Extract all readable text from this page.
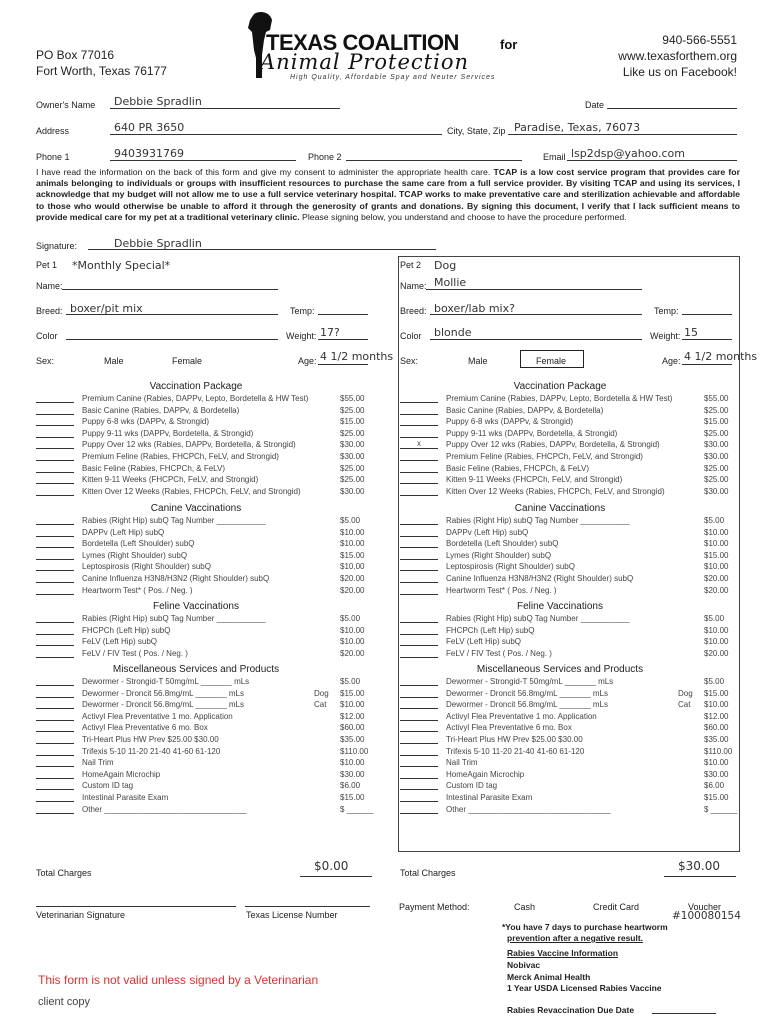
PO Box 77016
Fort Worth, Texas 76177
TEXAS COALITION	for
Animal Protection
High Quality, Affordable Spay and Neuter Services
940-566-5551
www.texasforthem.org
Like us on Facebook!
Owner's Name Debbie Spradlin	Date
Address	640 PR 3650	City, State, Zip Paradise, Texas, 76073
Phone 1	9403931769	Phone 2	Email lsp2dsp@yahoo.com
I have read the information on the back of this form and give my consent to administer the appropriate health care. TCAP is a low cost service program that provides care for animals belonging to individuals or groups with insufficient resources to purchase the same care from a full service provider. By visiting TCAP and using its services, I acknowledge that my budget will not allow me to use a full service veterinary hospital. TCAP works to make preventative care and sterilization achievable and affordable to those who would otherwise be unable to afford it through the generosity of grants and donations. By signing this document, I verify that I lack sufficient means to provide medical care for my pet at a traditional veterinary clinic. Please signing below, you understand and choose to have the procedure performed.
Signature:	Debbie Spradlin
Pet 1 *Monthly Special*
Name:
Breed: boxer/pit mix	Temp:
Color	Weight: 17?
Sex:	Male	Female	Age: 4 1/2 months
Vaccination Package
Premium Canine (Rabies, DAPPv, Lepto, Bordetella & HW Test)	$55.00
Basic Canine (Rabies, DAPPv, & Bordetella)	$25.00
Puppy 6-8 wks (DAPPv, & Strongid)	$15.00
Puppy 9-11 wks (DAPPv, Bordetella, & Strongid)	$25.00
Puppy Over 12 wks (Rabies, DAPPv, Bordetella, & Strongid)	$30.00
Premium Feline (Rabies, FHCPCh, FeLV, and Strongid)	$30.00
Basic Feline (Rabies, FHCPCh, & FeLV)	$25.00
Kitten 9-11 Weeks (FHCPCh, FeLV, and Strongid)	$25.00
Kitten Over 12 Weeks (Rabies, FHCPCh, FeLV, and Strongid)	$30.00
Canine Vaccinations
Rabies (Right Hip) subQ Tag Number ___________	$5.00
DAPPv (Left Hip) subQ	$10.00
Bordetella (Left Shoulder) subQ	$10.00
Lymes (Right Shoulder) subQ	$15.00
Leptospirosis (Right Shoulder) subQ	$10.00
Canine Influenza H3N8/H3N2 (Right Shoulder) subQ	$20.00
Heartworm Test* ( Pos. / Neg. )	$20.00
Feline Vaccinations
Rabies (Right Hip) subQ Tag Number ___________	$5.00
FHCPCh (Left Hip) subQ	$10.00
FeLV (Left Hip) subQ	$10.00
FeLV / FIV Test ( Pos. / Neg. )	$20.00
Miscellaneous Services and Products
Dewormer - Strongid-T 50mg/mL _______ mLs	$5.00
Dewormer - Droncit 56.8mg/mL _______ mLs	Dog $15.00
Dewormer - Droncit 56.8mg/mL _______ mLs	Cat $10.00
Activyl Flea Preventative 1 mo. Application	$12.00
Activyl Flea Preventative 6 mo. Box	$60.00
Tri-Heart Plus HW Prev $25.00 $30.00	$35.00
Trifexis 5-10 11-20 21-40 41-60 61-120	$110.00
Nail Trim	$10.00
HomeAgain Microchip	$30.00
Custom ID tag	$6.00
Intestinal Parasite Exam	$15.00
Other ________________________________	$ ______
Total Charges	$0.00
Pet 2 Dog
Name: Mollie
Breed: boxer/lab mix?	Temp:
Color blonde	Weight: 15
Sex:	Male	Female	Age: 4 1/2 months
Vaccination Package
Premium Canine (Rabies, DAPPv, Lepto, Bordetella & HW Test)	$55.00
Basic Canine (Rabies, DAPPv, & Bordetella)	$25.00
Puppy 6-8 wks (DAPPv, & Strongid)	$15.00
Puppy 9-11 wks (DAPPv, Bordetella, & Strongid)	$25.00
x	Puppy Over 12 wks (Rabies, DAPPv, Bordetella, & Strongid)	$30.00
Premium Feline (Rabies, FHCPCh, FeLV, and Strongid)	$30.00
Basic Feline (Rabies, FHCPCh, & FeLV)	$25.00
Kitten 9-11 Weeks (FHCPCh, FeLV, and Strongid)	$25.00
Kitten Over 12 Weeks (Rabies, FHCPCh, FeLV, and Strongid)	$30.00
Canine Vaccinations
Rabies (Right Hip) subQ Tag Number ___________	$5.00
DAPPv (Left Hip) subQ	$10.00
Bordetella (Left Shoulder) subQ	$10.00
Lymes (Right Shoulder) subQ	$15.00
Leptospirosis (Right Shoulder) subQ	$10.00
Canine Influenza H3N8/H3N2 (Right Shoulder) subQ	$20.00
Heartworm Test* ( Pos. / Neg. )	$20.00
Feline Vaccinations
Rabies (Right Hip) subQ Tag Number ___________	$5.00
FHCPCh (Left Hip) subQ	$10.00
FeLV (Left Hip) subQ	$10.00
FeLV / FIV Test ( Pos. / Neg. )	$20.00
Miscellaneous Services and Products
Dewormer - Strongid-T 50mg/mL _______ mLs	$5.00
Dewormer - Droncit 56.8mg/mL _______ mLs	Dog $15.00
Dewormer - Droncit 56.8mg/mL _______ mLs	Cat $10.00
Activyl Flea Preventative 1 mo. Application	$12.00
Activyl Flea Preventative 6 mo. Box	$60.00
Tri-Heart Plus HW Prev $25.00 $30.00	$35.00
Trifexis 5-10 11-20 21-40 41-60 61-120	$110.00
Nail Trim	$10.00
HomeAgain Microchip	$30.00
Custom ID tag	$6.00
Intestinal Parasite Exam	$15.00
Other ________________________________	$ ______
Total Charges	$30.00
Veterinarian Signature	Texas License Number
This form is not valid unless signed by a Veterinarian
client copy
Payment Method:	Cash	Credit Card	Voucher
#100080154
*You have 7 days to purchase heartworm
prevention after a negative result.
Rabies Vaccine Information
Nobivac
Merck Animal Health
1 Year USDA Licensed Rabies Vaccine
Rabies Revaccination Due Date
